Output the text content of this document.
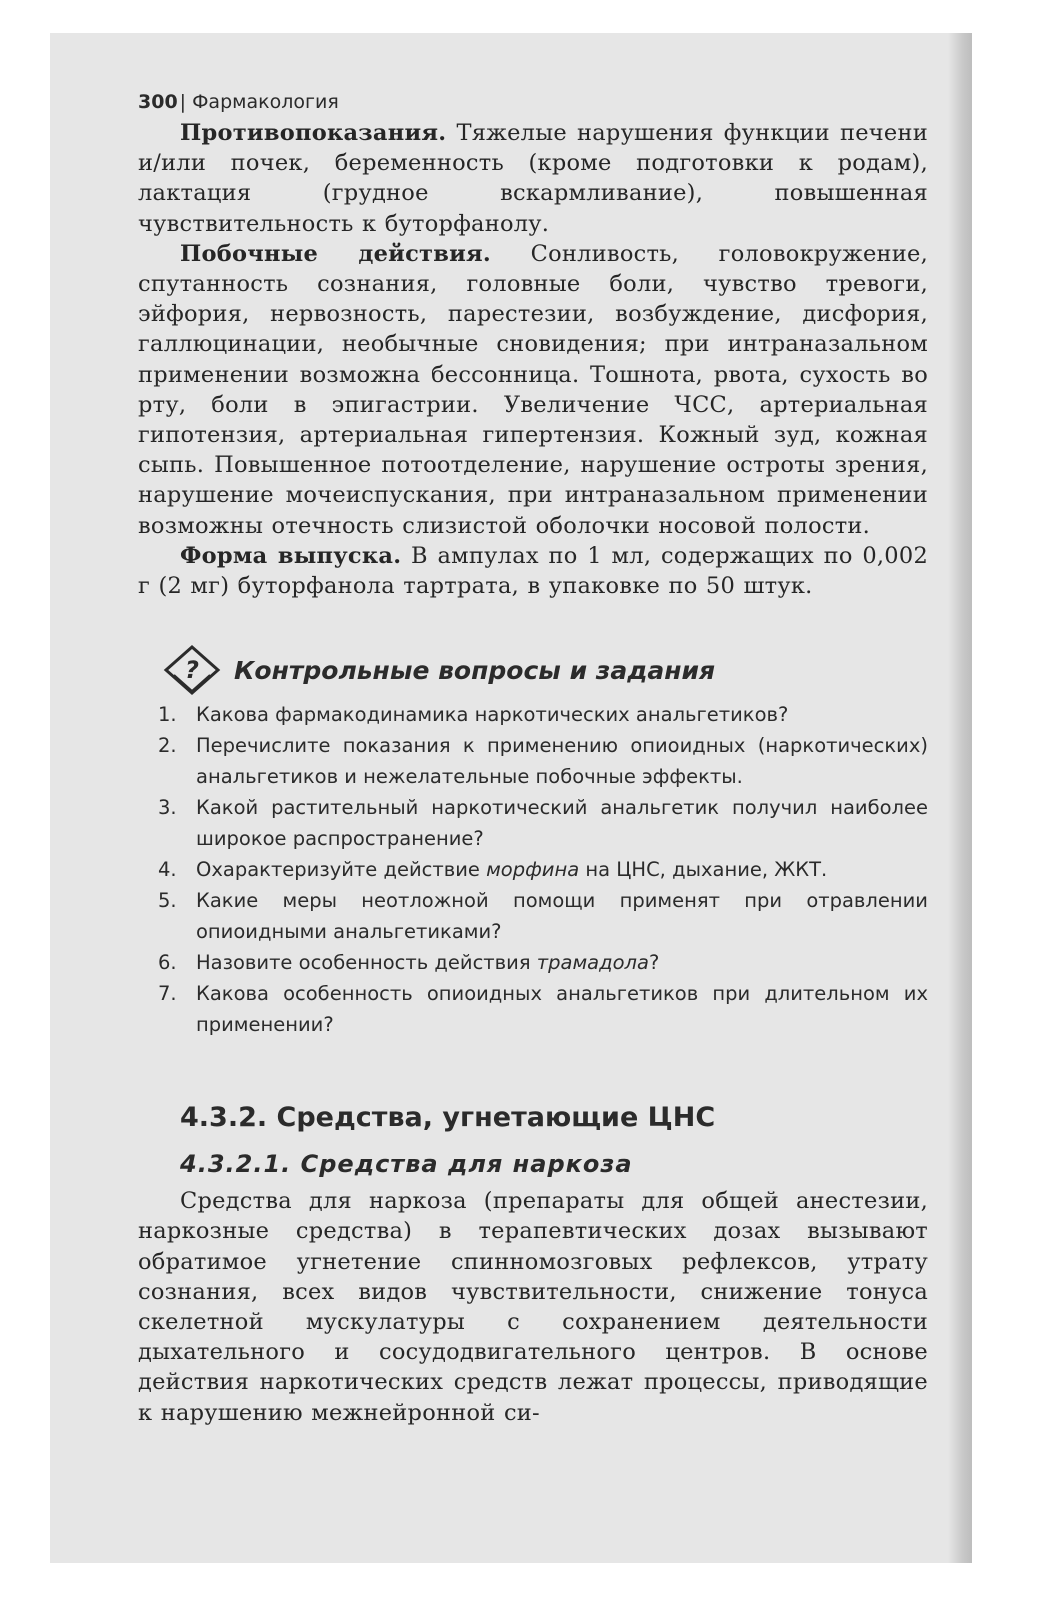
300 | Фармакология

Противопоказания. Тяжелые нарушения функции печени и/или почек, беременность (кроме подготовки к родам), лактация (грудное вскармливание), повышенная чувствительность к буторфанолу.

Побочные действия. Сонливость, головокружение, спутанность сознания, головные боли, чувство тревоги, эйфория, нервозность, парестезии, возбуждение, дисфория, галлюцинации, необычные сновидения; при интраназальном применении возможна бессонница. Тошнота, рвота, сухость во рту, боли в эпигастрии. Увеличение ЧСС, артериальная гипотензия, артериальная гипертензия. Кожный зуд, кожная сыпь. Повышенное потоотделение, нарушение остроты зрения, нарушение мочеиспускания, при интраназальном применении возможны отечность слизистой оболочки носовой полости.

Форма выпуска. В ампулах по 1 мл, содержащих по 0,002 г (2 мг) буторфанола тартрата, в упаковке по 50 штук.

? Контрольные вопросы и задания
1. Какова фармакодинамика наркотических анальгетиков?
2. Перечислите показания к применению опиоидных (наркотических) анальгетиков и нежелательные побочные эффекты.
3. Какой растительный наркотический анальгетик получил наиболее широкое распространение?
4. Охарактеризуйте действие морфина на ЦНС, дыхание, ЖКТ.
5. Какие меры неотложной помощи применят при отравлении опиоидными анальгетиками?
6. Назовите особенность действия трамадола?
7. Какова особенность опиоидных анальгетиков при длительном их применении?
4.3.2. Средства, угнетающие ЦНС
4.3.2.1. Средства для наркоза

Средства для наркоза (препараты для общей анестезии, наркозные средства) в терапевтических дозах вызывают обратимое угнетение спинномозговых рефлексов, утрату сознания, всех видов чувствительности, снижение тонуса скелетной мускулатуры с сохранением деятельности дыхательного и сосудодвигательного центров. В основе действия наркотических средств лежат процессы, приводящие к нарушению межнейронной си-
